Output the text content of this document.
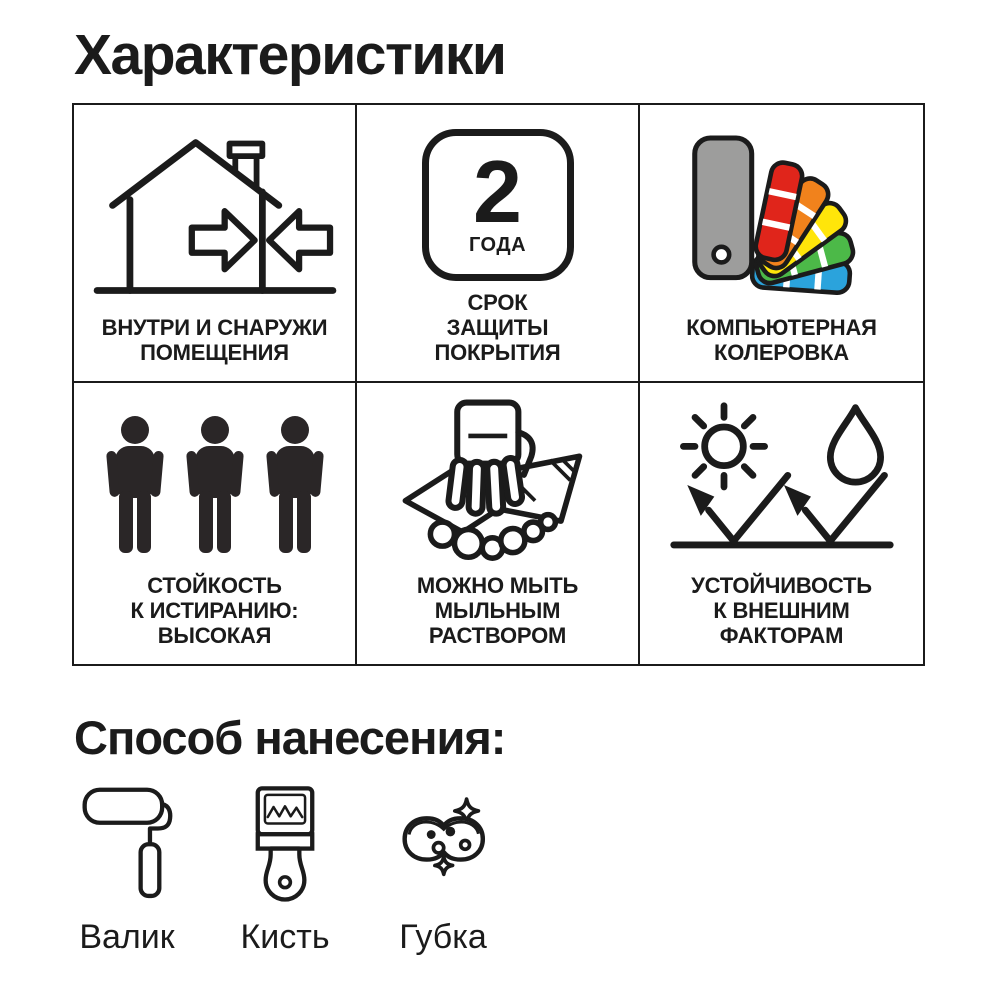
Характеристики
ВНУТРИ И СНАРУЖИ
ПОМЕЩЕНИЯ
2
ГОДА
СРОК
ЗАЩИТЫ
ПОКРЫТИЯ
КОМПЬЮТЕРНАЯ
КОЛЕРОВКА
СТОЙКОСТЬ
К ИСТИРАНИЮ:
ВЫСОКАЯ
МОЖНО МЫТЬ
МЫЛЬНЫМ
РАСТВОРОМ
УСТОЙЧИВОСТЬ
К ВНЕШНИМ
ФАКТОРАМ
Способ нанесения:
Валик Кисть Губка
